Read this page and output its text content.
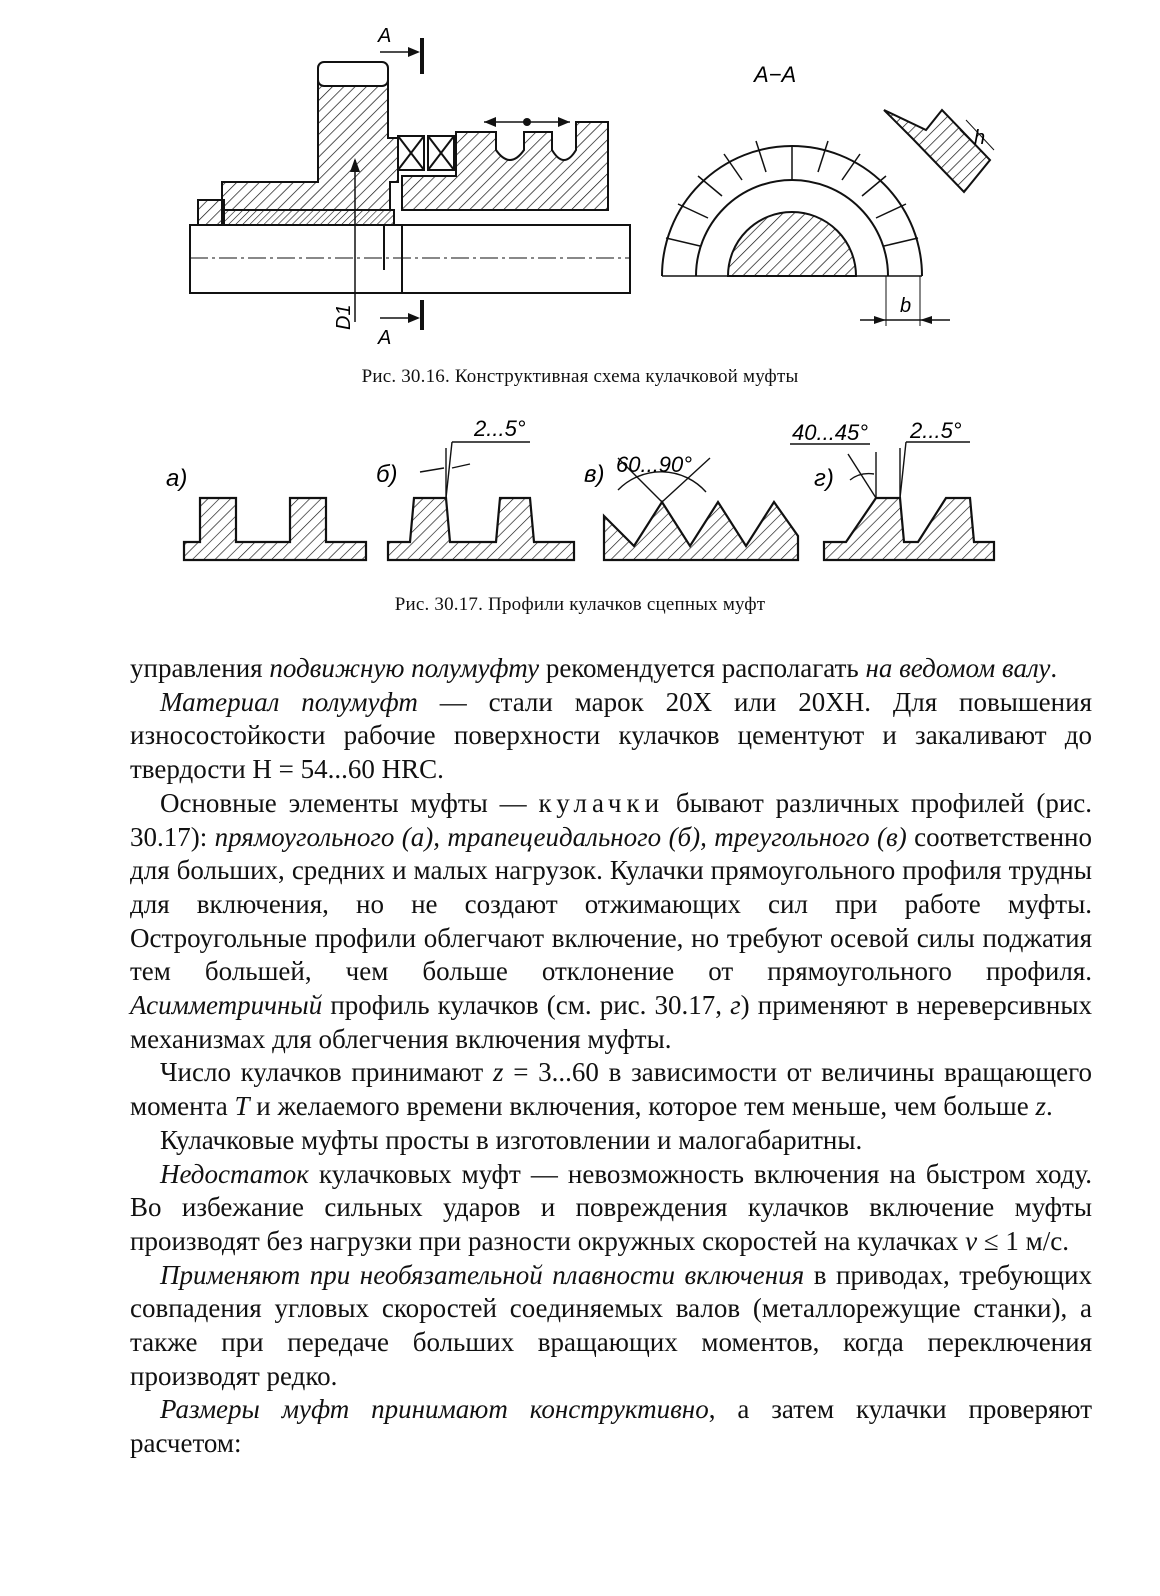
A
A
D1
A−A
h
b
Рис. 30.16. Конструктивная схема кулачковой муфты
а)	б)
2...5°
в) 60...90°
г)
40...45° 2...5°
Рис. 30.17. Профили кулачков сцепных муфт

управления подвижную полумуфту рекомендуется располагать на ведомом валу.

Материал полумуфт — стали марок 20Х или 20ХН. Для повышения износостойкости рабочие поверхности кулачков цементуют и закаливают до твердости H = 54...60 HRC.

Основные элементы муфты — кулачки бывают различных профилей (рис. 30.17): прямоугольного (а), трапецеидального (б), треугольного (в) соответственно для больших, средних и малых нагрузок. Кулачки прямоугольного профиля трудны для включения, но не создают отжимающих сил при работе муфты. Остроугольные профили облегчают включение, но требуют осевой силы поджатия тем большей, чем больше отклонение от прямоугольного профиля. Асимметричный профиль кулачков (см. рис. 30.17, г) применяют в нереверсивных механизмах для облегчения включения муфты.

Число кулачков принимают z = 3...60 в зависимости от величины вращающего момента T и желаемого времени включения, которое тем меньше, чем больше z.

Кулачковые муфты просты в изготовлении и малогабаритны.

Недостаток кулачковых муфт — невозможность включения на быстром ходу. Во избежание сильных ударов и повреждения кулачков включение муфты производят без нагрузки при разности окружных скоростей на кулачках v ≤ 1 м/с.

Применяют при необязательной плавности включения в приводах, требующих совпадения угловых скоростей соединяемых валов (металлорежущие станки), а также при передаче больших вращающих моментов, когда переключения производят редко.

Размеры муфт принимают конструктивно, а затем кулачки проверяют расчетом:
